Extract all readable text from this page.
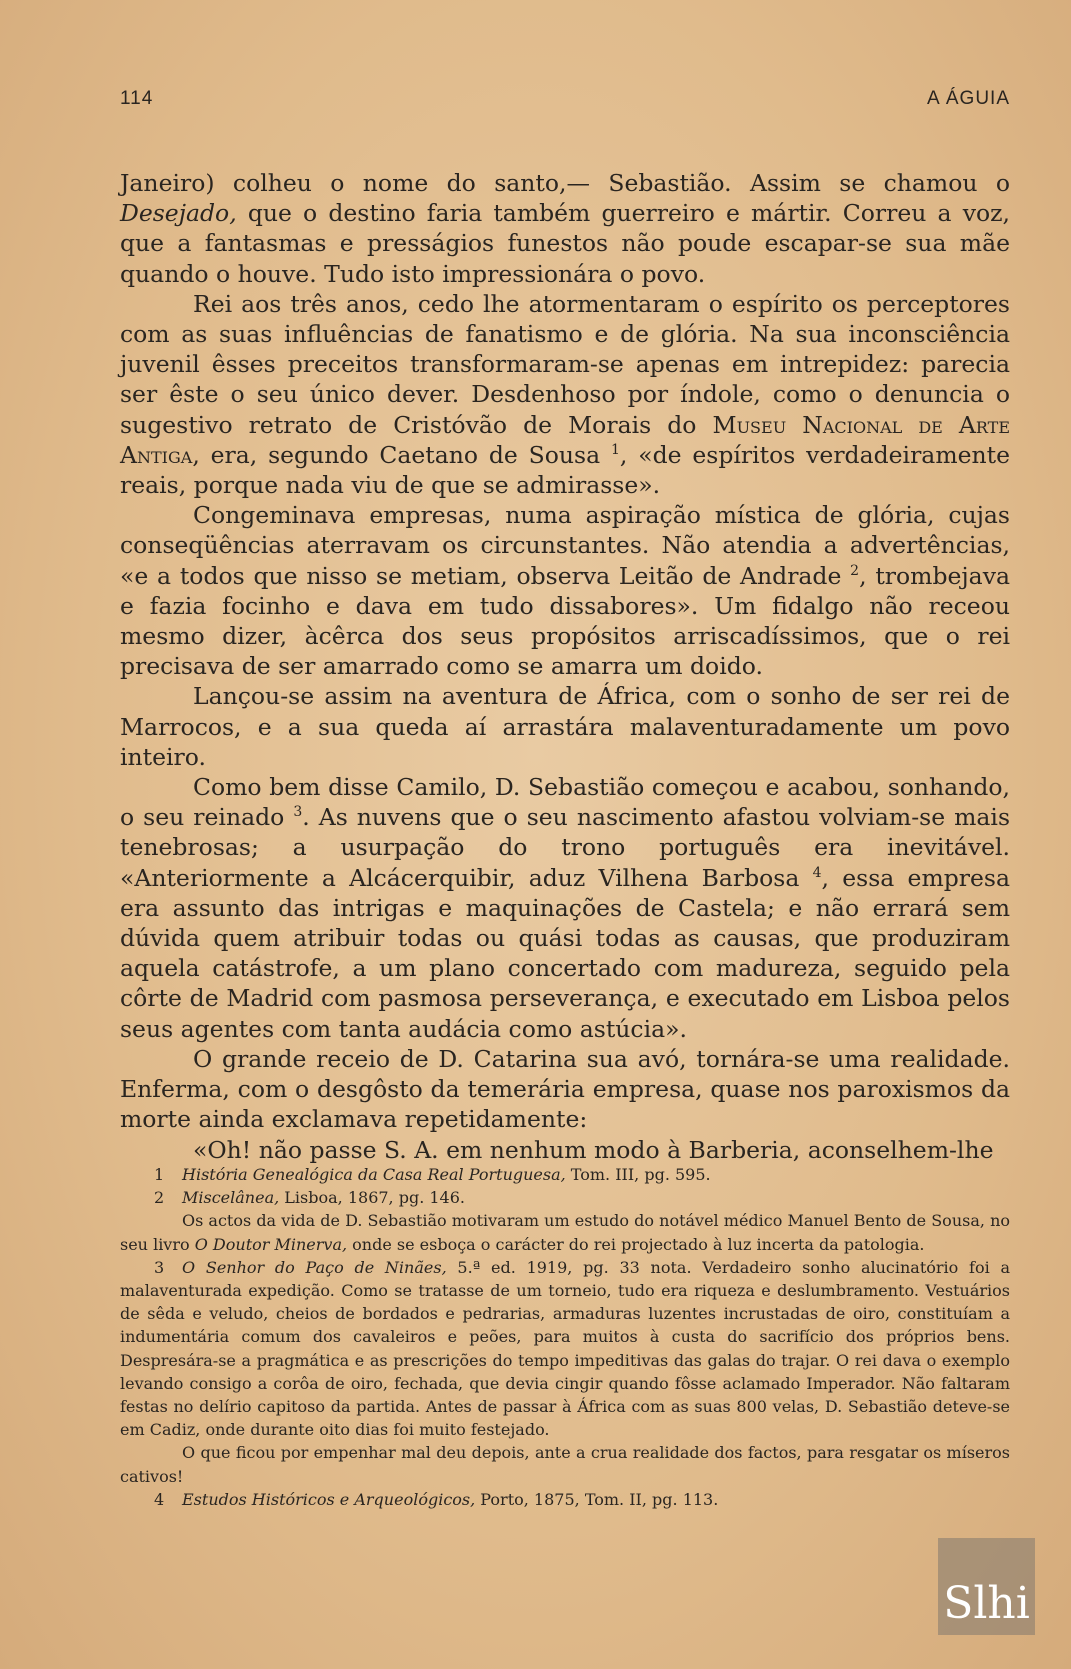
114	A ÁGUIA

Janeiro) colheu o nome do santo,— Sebastião. Assim se chamou o Desejado, que o destino faria também guerreiro e mártir. Correu a voz, que a fantasmas e presságios funestos não poude escapar-se sua mãe quando o houve. Tudo isto impressionára o povo.

Rei aos três anos, cedo lhe atormentaram o espírito os perceptores com as suas influências de fanatismo e de glória. Na sua inconsciência juvenil êsses preceitos transformaram-se apenas em intrepidez: parecia ser êste o seu único dever. Desdenhoso por índole, como o denuncia o sugestivo retrato de Cristóvão de Morais do Museu Nacional de Arte Antiga, era, segundo Caetano de Sousa $^1$, «de espíritos verdadeiramente reais, porque nada viu de que se admirasse».

Congeminava empresas, numa aspiração mística de glória, cujas conseqüências aterravam os circunstantes. Não atendia a advertências, «e a todos que nisso se metiam, observa Leitão de Andrade $^2$, trombejava e fazia focinho e dava em tudo dissabores». Um fidalgo não receou mesmo dizer, àcêrca dos seus propósitos arriscadíssimos, que o rei precisava de ser amarrado como se amarra um doido.

Lançou-se assim na aventura de África, com o sonho de ser rei de Marrocos, e a sua queda aí arrastára malaventuradamente um povo inteiro.

Como bem disse Camilo, D. Sebastião começou e acabou, sonhando, o seu reinado $^3$. As nuvens que o seu nascimento afastou volviam-se mais tenebrosas; a usurpação do trono português era inevitável. «Anteriormente a Alcácerquibir, aduz Vilhena Barbosa $^4$, essa empresa era assunto das intrigas e maquinações de Castela; e não errará sem dúvida quem atribuir todas ou quási todas as causas, que produziram aquela catástrofe, a um plano concertado com madureza, seguido pela côrte de Madrid com pasmosa perseverança, e executado em Lisboa pelos seus agentes com tanta audácia como astúcia».

O grande receio de D. Catarina sua avó, tornára-se uma realidade. Enferma, com o desgôsto da temerária empresa, quase nos paroxismos da morte ainda exclamava repetidamente:

«Oh! não passe S. A. em nenhum modo à Barberia, aconselhem-lhe

1 História Genealógica da Casa Real Portuguesa, Tom. III, pg. 595.

2 Miscelânea, Lisboa, 1867, pg. 146.

Os actos da vida de D. Sebastião motivaram um estudo do notável médico Manuel Bento de Sousa, no seu livro O Doutor Minerva, onde se esboça o carácter do rei projectado à luz incerta da patologia.

3 O Senhor do Paço de Ninães, 5.ª ed. 1919, pg. 33 nota. Verdadeiro sonho alucinatório foi a malaventurada expedição. Como se tratasse de um torneio, tudo era riqueza e deslumbramento. Vestuários de sêda e veludo, cheios de bordados e pedrarias, armaduras luzentes incrustadas de oiro, constituíam a indumentária comum dos cavaleiros e peões, para muitos à custa do sacrifício dos próprios bens. Despresára-se a pragmática e as prescrições do tempo impeditivas das galas do trajar. O rei dava o exemplo levando consigo a corôa de oiro, fechada, que devia cingir quando fôsse aclamado Imperador. Não faltaram festas no delírio capitoso da partida. Antes de passar à África com as suas 800 velas, D. Sebastião deteve-se em Cadiz, onde durante oito dias foi muito festejado.

O que ficou por empenhar mal deu depois, ante a crua realidade dos factos, para resgatar os míseros cativos!

4 Estudos Históricos e Arqueológicos, Porto, 1875, Tom. II, pg. 113.

Slhi
